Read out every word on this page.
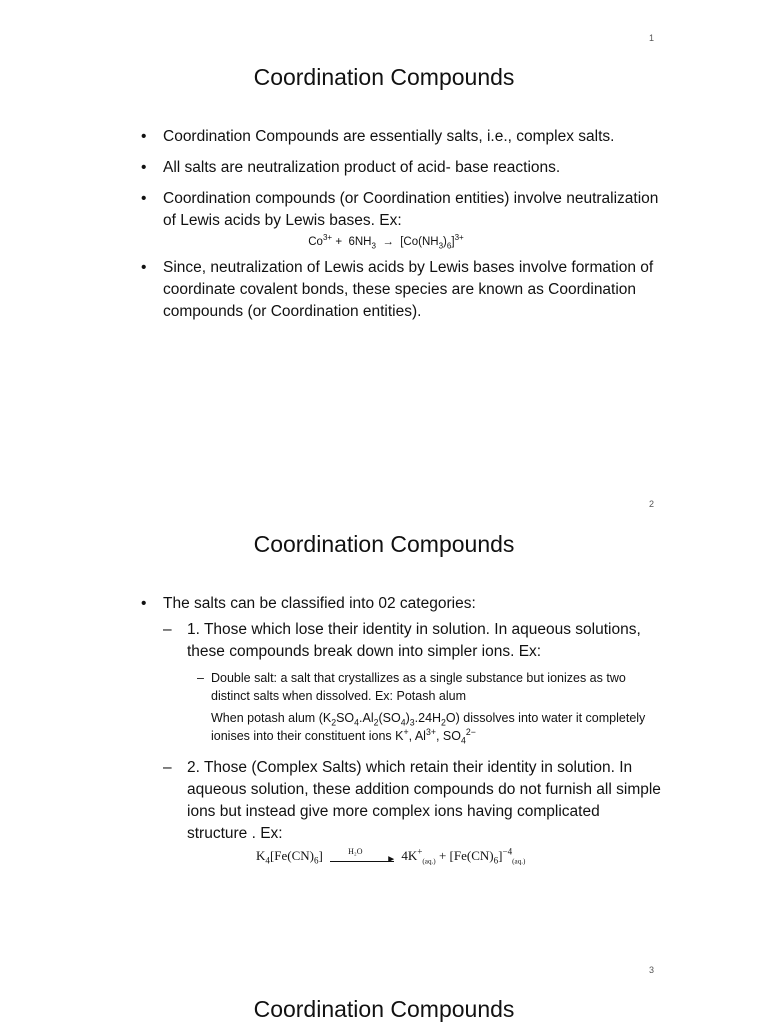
1
Coordination Compounds
• Coordination Compounds are essentially salts, i.e., complex salts.
• All salts are neutralization product of acid- base reactions.
• Coordination compounds (or Coordination entities) involve neutralization of Lewis acids by Lewis bases. Ex:
$Co^{3+} + 6NH_3 \to [Co(NH_3)_6]^{3+}$
• Since, neutralization of Lewis acids by Lewis bases involve formation of coordinate covalent bonds, these species are known as Coordination compounds (or Coordination entities).
2
Coordination Compounds
• The salts can be classified into 02 categories:
– 1. Those which lose their identity in solution. In aqueous solutions, these compounds break down into simpler ions. Ex:
– Double salt: a salt that crystallizes as a single substance but ionizes as two distinct salts when dissolved. Ex: Potash alum
When potash alum $(K_2SO_4.Al_2(SO_4)_3.24H_2O)$ dissolves into water it completely ionises into their constituent ions K+, $Al^{3+}$, $SO_4^{2-}$
– 2. Those (Complex Salts) which retain their identity in solution. In aqueous solution, these addition compounds do not furnish all simple ions but instead give more complex ions having complicated structure . Ex:
$K_4[Fe(CN)_6]$	H₂O
► $4K^+_{(aq.)} + [Fe(CN)_6]^{-4}_{(aq.)}$
3
Coordination Compounds
